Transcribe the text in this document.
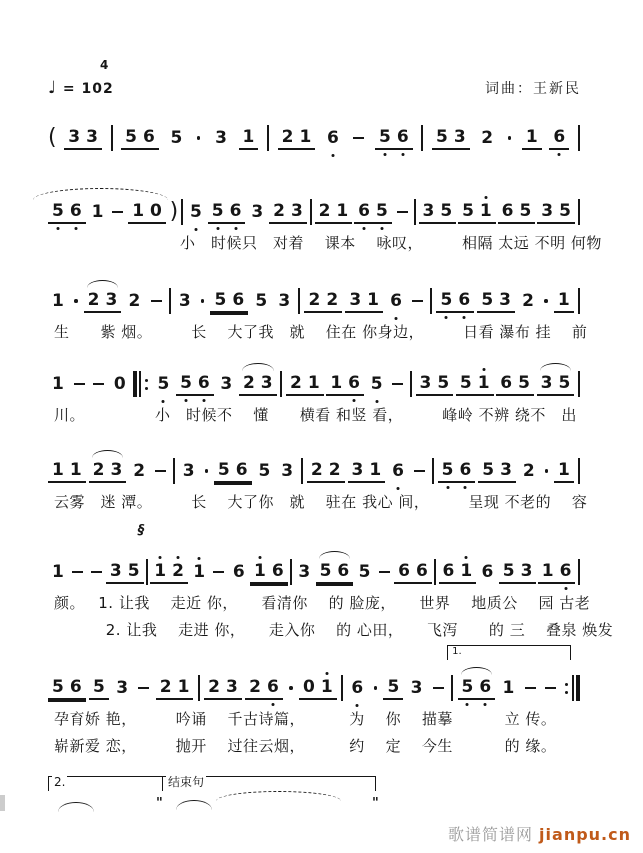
4
♩ = 102	词曲：王新民
( 3 3 5 6 5 3 1 2 1 6 5 6 5 3 2 1 6
5 6 1 1 0 ) 5 5 6 3 2 3 2 1 6 5 3 5 5 1 6 5 3 5
小　时候只　对着 　课本 　咏叹，　　　相隔 太远 不明 何物
1 2 3 2 3 5 6 5 3 2 2 3 1 6 5 6 5 3 2 1
生　　紫 烟。　　　长　 大了我　就　 住在 你身边，　　　日看 瀑布 挂　 前
1	0 5 5 6 3 2 3 2 1 1 6 5 3 5 5 1 6 5 3 5
川。　　　　　小　时候不　 懂　　横看 和竖 看，　　　峰岭 不辨 绕不　出
1 1 2 3 2 3 5 6 5 3 2 2 3 1 6 5 6 5 3 2 1
云雾　迷 潭。　　　长　 大了你　就　 驻在 我心 间，　　　呈现 不老的　 容
1	3 5
§
1 2 1 6 1 6 3 5 6 5 6 6 6 1 6 5 3 1 6
颜。　 1. 让我　 走近 你，　　看清你　 的 脸庞，　　世界　 地质公　 园 古老
　　　 2. 让我　 走进 你，　　走入你　 的 心田，　　飞泻　　的 三　 叠泉 焕发
5 6 5 3 2 1 2 3 2 6 0 1 6 5 3
1.
5 6 1
孕育娇 艳，　　　吟诵　 千古诗篇，　　　 为　 你　 描摹　　　 立 传。
崭新爱 恋，　　　抛开　 过往云烟，　　　 约　 定　 今生　　　 的 缘。
2.	结束句
"	"
歌谱简谱网 jianpu.cn
